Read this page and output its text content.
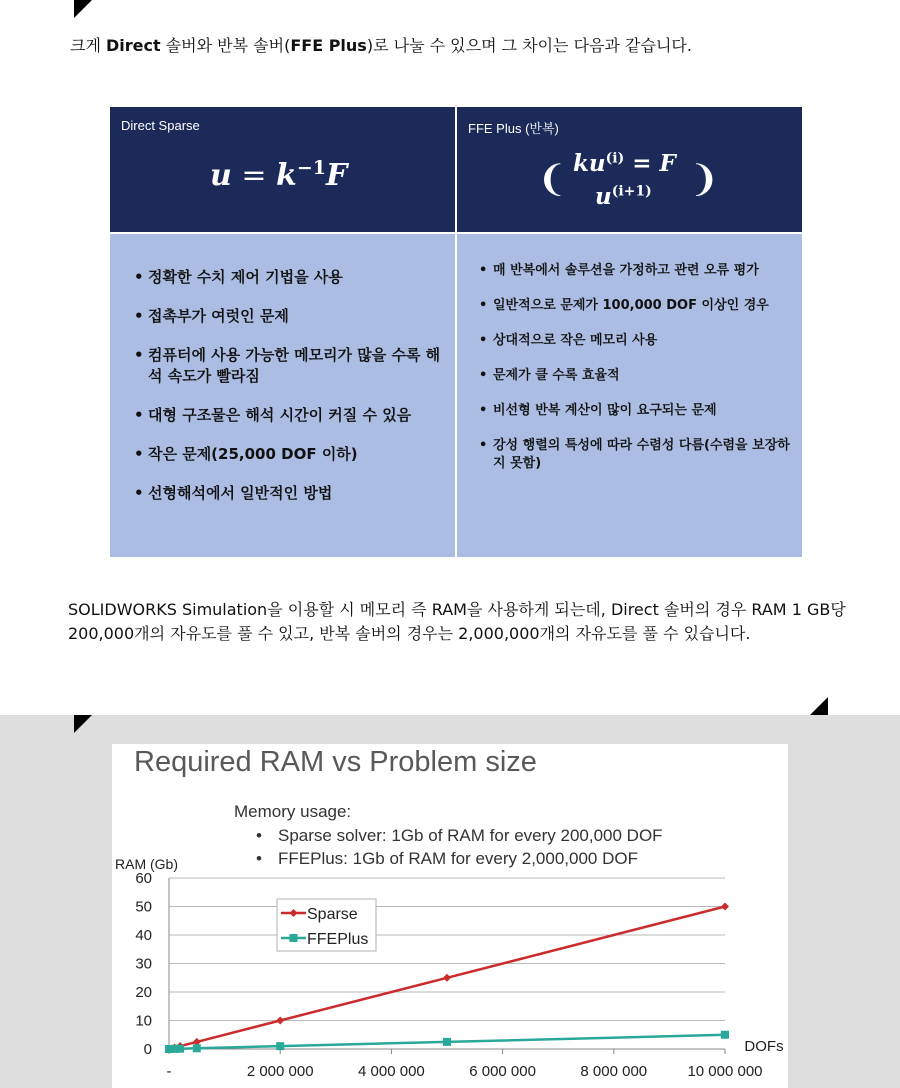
크게 Direct 솔버와 반복 솔버(FFE Plus)로 나눌 수 있으며 그 차이는 다음과 같습니다.

Direct Sparse
$u = k^{-1}F$
FFE Plus (반복)
❨ $ku^{(i)} = F$
$u^{(i+1)}$ ❩
• 정확한 수치 제어 기법을 사용
• 접촉부가 여럿인 문제
• 컴퓨터에 사용 가능한 메모리가 많을 수록 해석 속도가 빨라짐
• 대형 구조물은 해석 시간이 커질 수 있음
• 작은 문제(25,000 DOF 이하)
• 선형해석에서 일반적인 방법
• 매 반복에서 솔루션을 가정하고 관련 오류 평가
• 일반적으로 문제가 100,000 DOF 이상인 경우
• 상대적으로 작은 메모리 사용
• 문제가 클 수록 효율적
• 비선형 반복 계산이 많이 요구되는 문제
• 강성 행렬의 특성에 따라 수렴성 다름(수렴을 보장하지 못함)

SOLIDWORKS Simulation을 이용할 시 메모리 즉 RAM을 사용하게 되는데, Direct 솔버의 경우 RAM 1 GB당 200,000개의 자유도를 풀 수 있고, 반복 솔버의 경우는 2,000,000개의 자유도를 풀 수 있습니다.

Required RAM vs Problem size
Memory usage:
• Sparse solver: 1Gb of RAM for every 200,000 DOF
• FFEPlus: 1Gb of RAM for every 2,000,000 DOF
RAM (Gb)
0
10
20
30
40
50
60
-	2 000 000	4 000 000	6 000 000	8 000 000	10 000 000
DOFs
Sparse
FFEPlus
